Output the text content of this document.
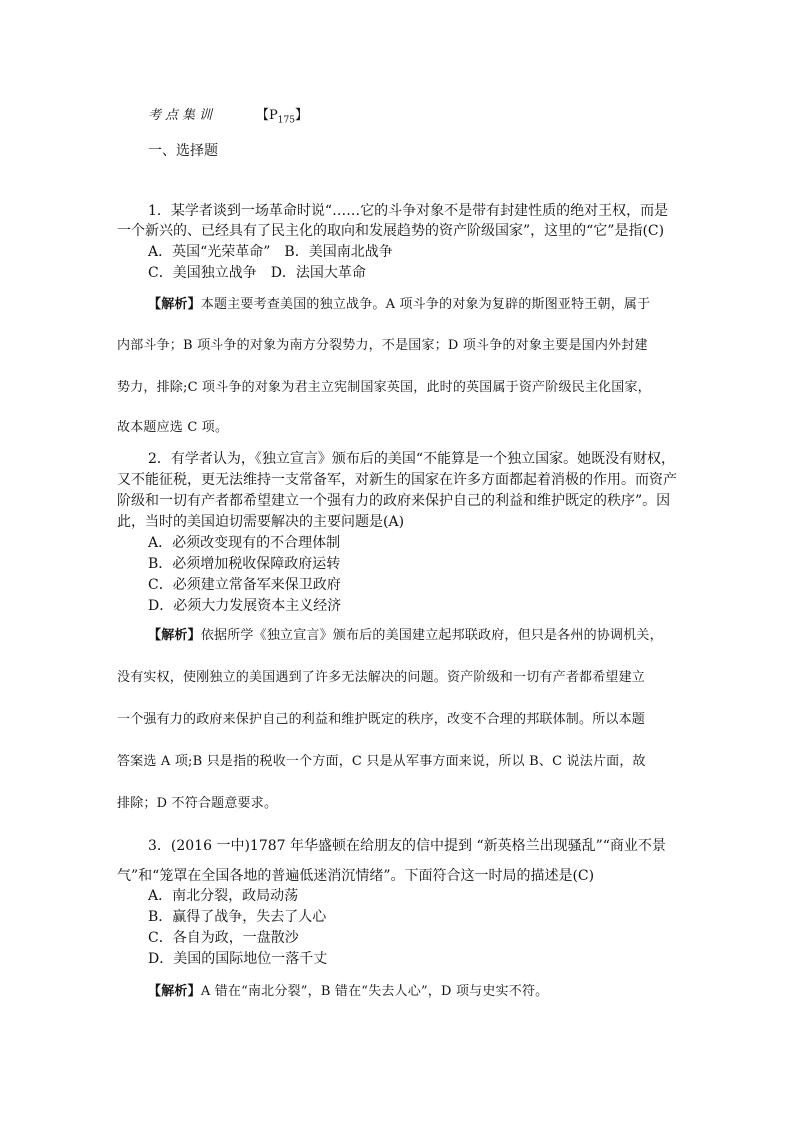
考点集训	【$P_{175}$】
一、选择题
1．某学者谈到一场革命时说“……它的斗争对象不是带有封建性质的绝对王权，而是
一个新兴的、已经具有了民主化的取向和发展趋势的资产阶级国家”，这里的“它”是指(C)
A．英国“光荣革命”　B．美国南北战争
C．美国独立战争　D．法国大革命
【解析】本题主要考查美国的独立战争。A 项斗争的对象为复辟的斯图亚特王朝，属于
内部斗争；B 项斗争的对象为南方分裂势力，不是国家；D 项斗争的对象主要是国内外封建
势力，排除;C 项斗争的对象为君主立宪制国家英国，此时的英国属于资产阶级民主化国家，
故本题应选 C 项。
2．有学者认为，《独立宣言》颁布后的美国“不能算是一个独立国家。她既没有财权，
又不能征税，更无法维持一支常备军，对新生的国家在许多方面都起着消极的作用。而资产
阶级和一切有产者都希望建立一个强有力的政府来保护自己的利益和维护既定的秩序”。因
此，当时的美国迫切需要解决的主要问题是(A)
A．必须改变现有的不合理体制
B．必须增加税收保障政府运转
C．必须建立常备军来保卫政府
D．必须大力发展资本主义经济
【解析】依据所学《独立宣言》颁布后的美国建立起邦联政府，但只是各州的协调机关，
没有实权，使刚独立的美国遇到了许多无法解决的问题。资产阶级和一切有产者都希望建立
一个强有力的政府来保护自己的利益和维护既定的秩序，改变不合理的邦联体制。所以本题
答案选 A 项;B 只是指的税收一个方面，C 只是从军事方面来说，所以 B、C 说法片面，故
排除；D 不符合题意要求。
3．(2016 一中)1787 年华盛顿在给朋友的信中提到 “新英格兰出现骚乱”“商业不景
气”和“笼罩在全国各地的普遍低迷消沉情绪”。下面符合这一时局的描述是(C)
A．南北分裂，政局动荡
B．赢得了战争，失去了人心
C．各自为政，一盘散沙
D．美国的国际地位一落千丈
【解析】A 错在“南北分裂”，B 错在“失去人心”，D 项与史实不符。
